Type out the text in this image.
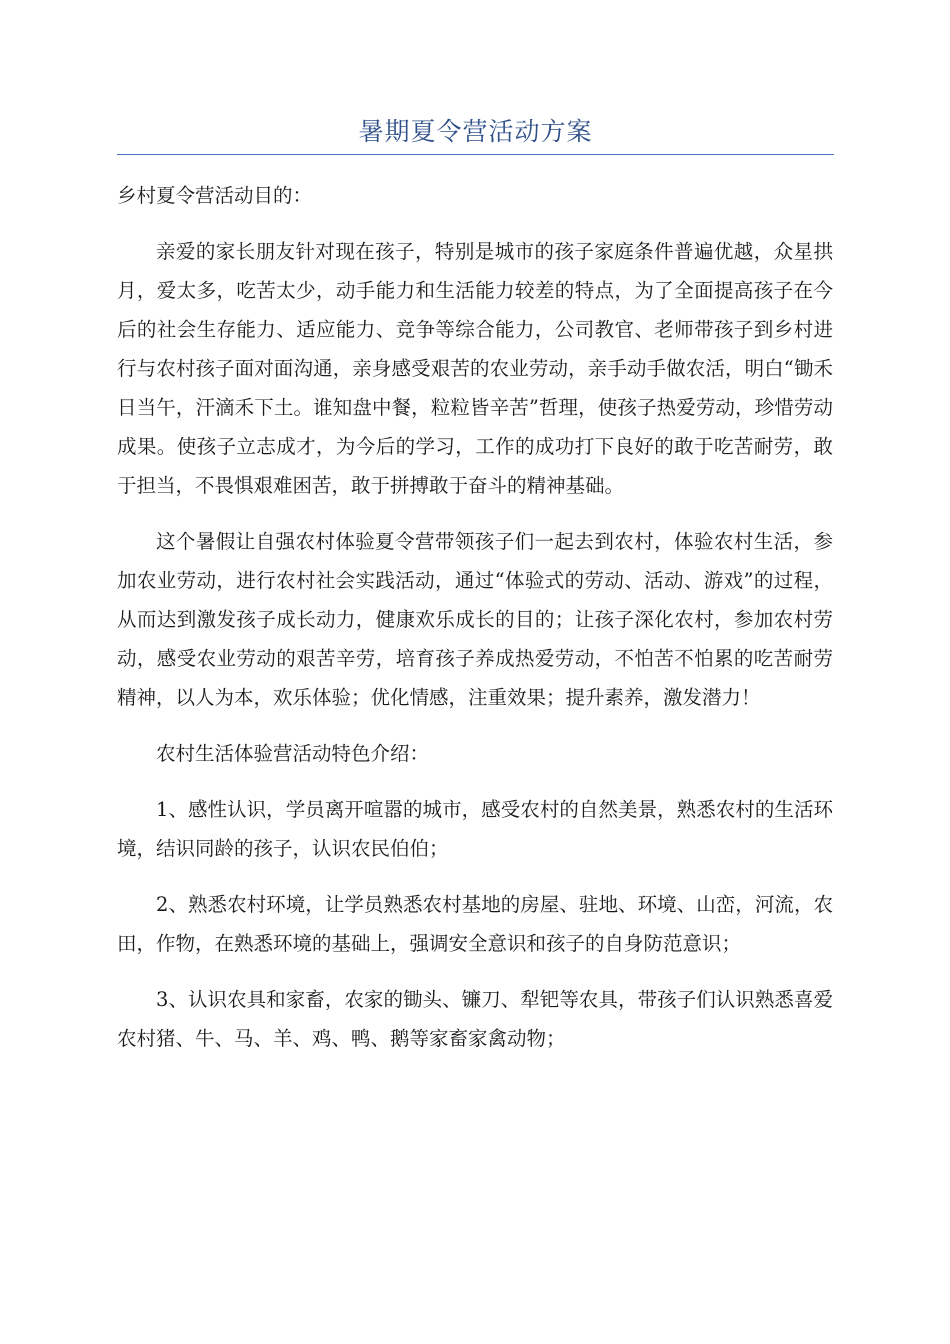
暑期夏令营活动方案

乡村夏令营活动目的：

亲爱的家长朋友针对现在孩子，特别是城市的孩子家庭条件普遍优越，众星拱月，爱太多，吃苦太少，动手能力和生活能力较差的特点，为了全面提高孩子在今后的社会生存能力、适应能力、竞争等综合能力，公司教官、老师带孩子到乡村进行与农村孩子面对面沟通，亲身感受艰苦的农业劳动，亲手动手做农活，明白“锄禾日当午，汗滴禾下土。谁知盘中餐，粒粒皆辛苦”哲理，使孩子热爱劳动，珍惜劳动成果。使孩子立志成才，为今后的学习，工作的成功打下良好的敢于吃苦耐劳，敢于担当，不畏惧艰难困苦，敢于拼搏敢于奋斗的精神基础。

这个暑假让自强农村体验夏令营带领孩子们一起去到农村，体验农村生活，参加农业劳动，进行农村社会实践活动，通过“体验式的劳动、活动、游戏”的过程，从而达到激发孩子成长动力，健康欢乐成长的目的；让孩子深化农村，参加农村劳动，感受农业劳动的艰苦辛劳，培育孩子养成热爱劳动，不怕苦不怕累的吃苦耐劳精神，以人为本，欢乐体验；优化情感，注重效果；提升素养，激发潜力！

农村生活体验营活动特色介绍：

1、感性认识，学员离开喧嚣的城市，感受农村的自然美景，熟悉农村的生活环境，结识同龄的孩子，认识农民伯伯；

2、熟悉农村环境，让学员熟悉农村基地的房屋、驻地、环境、山峦，河流，农田，作物，在熟悉环境的基础上，强调安全意识和孩子的自身防范意识；

3、认识农具和家畜，农家的锄头、镰刀、犁钯等农具，带孩子们认识熟悉喜爱农村猪、牛、马、羊、鸡、鸭、鹅等家畜家禽动物；
